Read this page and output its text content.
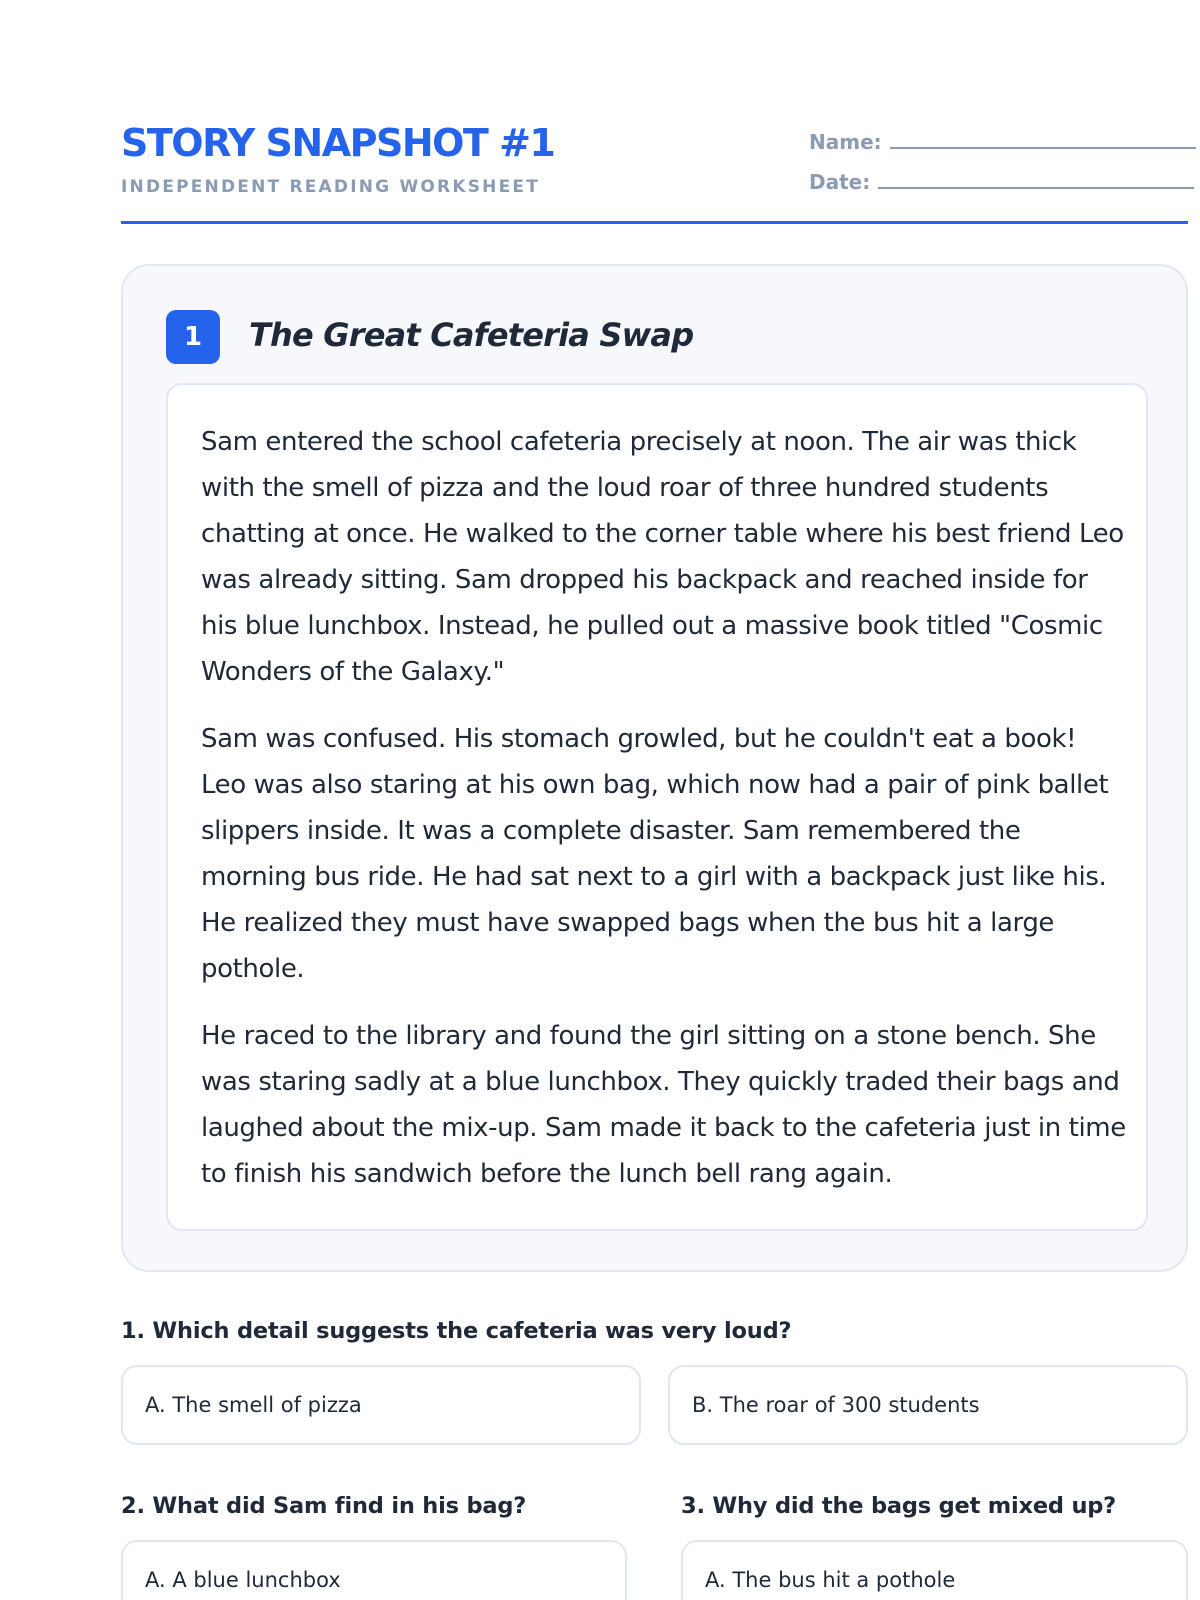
STORY SNAPSHOT #1
INDEPENDENT READING WORKSHEET
Name:
Date:
1	The Great Cafeteria Swap

Sam entered the school cafeteria precisely at noon. The air was thick with the smell of pizza and the loud roar of three hundred students chatting at once. He walked to the corner table where his best friend Leo was already sitting. Sam dropped his backpack and reached inside for his blue lunchbox. Instead, he pulled out a massive book titled "Cosmic Wonders of the Galaxy."

Sam was confused. His stomach growled, but he couldn't eat a book! Leo was also staring at his own bag, which now had a pair of pink ballet slippers inside. It was a complete disaster. Sam remembered the morning bus ride. He had sat next to a girl with a backpack just like his. He realized they must have swapped bags when the bus hit a large pothole.

He raced to the library and found the girl sitting on a stone bench. She was staring sadly at a blue lunchbox. They quickly traded their bags and laughed about the mix-up. Sam made it back to the cafeteria just in time to finish his sandwich before the lunch bell rang again.

1. Which detail suggests the cafeteria was very loud?
A. The smell of pizza	B. The roar of 300 students
2. What did Sam find in his bag?
A. A blue lunchbox
3. Why did the bags get mixed up?
A. The bus hit a pothole
